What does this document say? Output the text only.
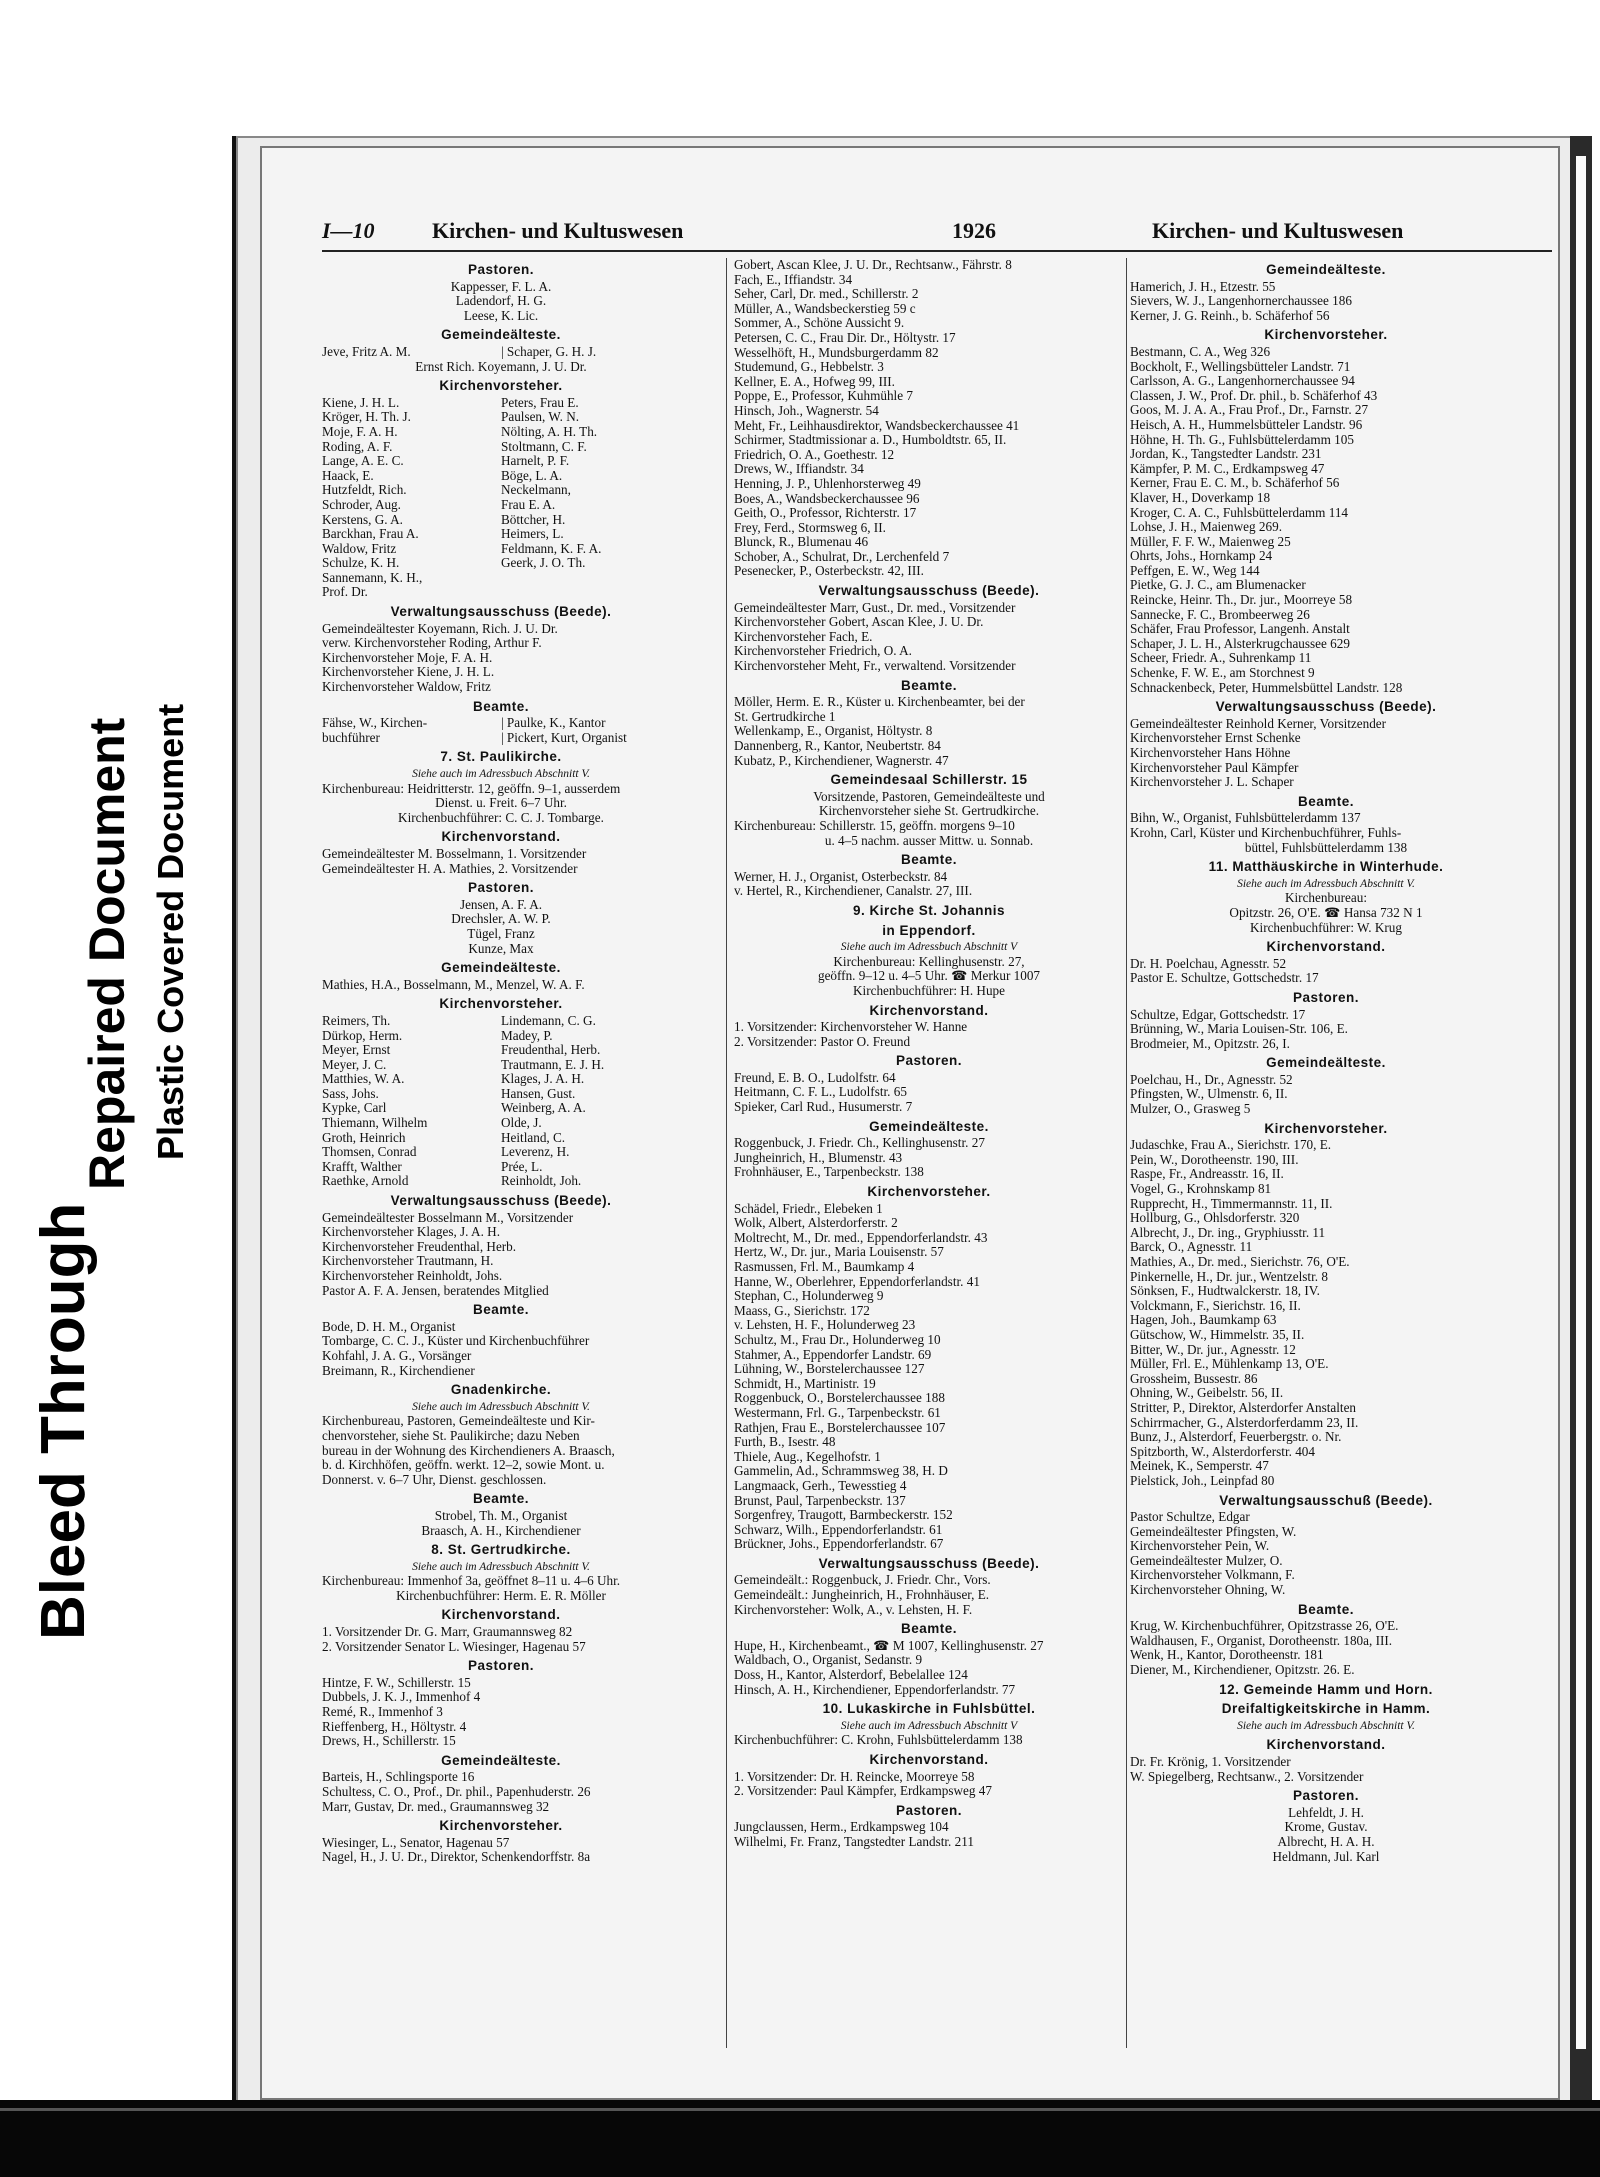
Bleed Through
Repaired Document Plastic Covered Document
I—10	Kirchen- und Kultuswesen	1926	Kirchen- und Kultuswesen
Pastoren.
Kappesser, F. L. A.
Ladendorf, H. G.
Leese, K. Lic.
Gemeindeälteste.
Jeve, Fritz A. M.	| Schaper, G. H. J.
Ernst Rich. Koyemann, J. U. Dr.
Kirchenvorsteher.
Kiene, J. H. L.	Peters, Frau E.
Kröger, H. Th. J.	Paulsen, W. N.
Moje, F. A. H.	Nölting, A. H. Th.
Roding, A. F.	Stoltmann, C. F.
Lange, A. E. C.	Harnelt, P. F.
Haack, E.	Böge, L. A.
Hutzfeldt, Rich.	Neckelmann,
Schroder, Aug.	Frau E. A.
Kerstens, G. A.	Böttcher, H.
Barckhan, Frau A.	Heimers, L.
Waldow, Fritz	Feldmann, K. F. A.
Schulze, K. H.	Geerk, J. O. Th.
Sannemann, K. H.,
Prof. Dr.
Verwaltungsausschuss (Beede).
Gemeindeältester Koyemann, Rich. J. U. Dr.
verw. Kirchenvorsteher Roding, Arthur F.
Kirchenvorsteher Moje, F. A. H.
Kirchenvorsteher Kiene, J. H. L.
Kirchenvorsteher Waldow, Fritz
Beamte.
Fähse, W., Kirchen-	| Paulke, K., Kantor
buchführer	| Pickert, Kurt, Organist
7. St. Paulikirche.
Siehe auch im Adressbuch Abschnitt V.
Kirchenbureau: Heidritterstr. 12, geöffn. 9–1, ausserdem
Dienst. u. Freit. 6–7 Uhr.
Kirchenbuchführer: C. C. J. Tombarge.
Kirchenvorstand.
Gemeindeältester M. Bosselmann, 1. Vorsitzender
Gemeindeältester H. A. Mathies, 2. Vorsitzender
Pastoren.
Jensen, A. F. A.
Drechsler, A. W. P.
Tügel, Franz
Kunze, Max
Gemeindeälteste.
Mathies, H.A., Bosselmann, M., Menzel, W. A. F.
Kirchenvorsteher.
Reimers, Th.	Lindemann, C. G.
Dürkop, Herm.	Madey, P.
Meyer, Ernst	Freudenthal, Herb.
Meyer, J. C.	Trautmann, E. J. H.
Matthies, W. A.	Klages, J. A. H.
Sass, Johs.	Hansen, Gust.
Kypke, Carl	Weinberg, A. A.
Thiemann, Wilhelm	Olde, J.
Groth, Heinrich	Heitland, C.
Thomsen, Conrad	Leverenz, H.
Krafft, Walther	Prée, L.
Raethke, Arnold	Reinholdt, Joh.
Verwaltungsausschuss (Beede).
Gemeindeältester Bosselmann M., Vorsitzender
Kirchenvorsteher Klages, J. A. H.
Kirchenvorsteher Freudenthal, Herb.
Kirchenvorsteher Trautmann, H.
Kirchenvorsteher Reinholdt, Johs.
Pastor A. F. A. Jensen, beratendes Mitglied
Beamte.
Bode, D. H. M., Organist
Tombarge, C. C. J., Küster und Kirchenbuchführer
Kohfahl, J. A. G., Vorsänger
Breimann, R., Kirchendiener
Gnadenkirche.
Siehe auch im Adressbuch Abschnitt V.
Kirchenbureau, Pastoren, Gemeindeälteste und Kir-
chenvorsteher, siehe St. Paulikirche; dazu Neben
bureau in der Wohnung des Kirchendieners A. Braasch,
b. d. Kirchhöfen, geöffn. werkt. 12–2, sowie Mont. u.
Donnerst. v. 6–7 Uhr, Dienst. geschlossen.
Beamte.
Strobel, Th. M., Organist
Braasch, A. H., Kirchendiener
8. St. Gertrudkirche.
Siehe auch im Adressbuch Abschnitt V.
Kirchenbureau: Immenhof 3a, geöffnet 8–11 u. 4–6 Uhr.
Kirchenbuchführer: Herm. E. R. Möller
Kirchenvorstand.
1. Vorsitzender Dr. G. Marr, Graumannsweg 82
2. Vorsitzender Senator L. Wiesinger, Hagenau 57
Pastoren.
Hintze, F. W., Schillerstr. 15
Dubbels, J. K. J., Immenhof 4
Remé, R., Immenhof 3
Rieffenberg, H., Höltystr. 4
Drews, H., Schillerstr. 15
Gemeindeälteste.
Barteis, H., Schlingsporte 16
Schultess, C. O., Prof., Dr. phil., Papenhuderstr. 26
Marr, Gustav, Dr. med., Graumannsweg 32
Kirchenvorsteher.
Wiesinger, L., Senator, Hagenau 57
Nagel, H., J. U. Dr., Direktor, Schenkendorffstr. 8a
Gobert, Ascan Klee, J. U. Dr., Rechtsanw., Fährstr. 8
Fach, E., Iffiandstr. 34
Seher, Carl, Dr. med., Schillerstr. 2
Müller, A., Wandsbeckerstieg 59 c
Sommer, A., Schöne Aussicht 9.
Petersen, C. C., Frau Dir. Dr., Höltystr. 17
Wesselhöft, H., Mundsburgerdamm 82
Studemund, G., Hebbelstr. 3
Kellner, E. A., Hofweg 99, III.
Poppe, E., Professor, Kuhmühle 7
Hinsch, Joh., Wagnerstr. 54
Meht, Fr., Leihhausdirektor, Wandsbeckerchaussee 41
Schirmer, Stadtmissionar a. D., Humboldtstr. 65, II.
Friedrich, O. A., Goethestr. 12
Drews, W., Iffiandstr. 34
Henning, J. P., Uhlenhorsterweg 49
Boes, A., Wandsbeckerchaussee 96
Geith, O., Professor, Richterstr. 17
Frey, Ferd., Stormsweg 6, II.
Blunck, R., Blumenau 46
Schober, A., Schulrat, Dr., Lerchenfeld 7
Pesenecker, P., Osterbeckstr. 42, III.
Verwaltungsausschuss (Beede).
Gemeindeältester Marr, Gust., Dr. med., Vorsitzender
Kirchenvorsteher Gobert, Ascan Klee, J. U. Dr.
Kirchenvorsteher Fach, E.
Kirchenvorsteher Friedrich, O. A.
Kirchenvorsteher Meht, Fr., verwaltend. Vorsitzender
Beamte.
Möller, Herm. E. R., Küster u. Kirchenbeamter, bei der
St. Gertrudkirche 1
Wellenkamp, E., Organist, Höltystr. 8
Dannenberg, R., Kantor, Neubertstr. 84
Kubatz, P., Kirchendiener, Wagnerstr. 47
Gemeindesaal Schillerstr. 15
Vorsitzende, Pastoren, Gemeindeälteste und
Kirchenvorsteher siehe St. Gertrudkirche.
Kirchenbureau: Schillerstr. 15, geöffn. morgens 9–10
u. 4–5 nachm. ausser Mittw. u. Sonnab.
Beamte.
Werner, H. J., Organist, Osterbeckstr. 84
v. Hertel, R., Kirchendiener, Canalstr. 27, III.
9. Kirche St. Johannis
in Eppendorf.
Siehe auch im Adressbuch Abschnitt V
Kirchenbureau: Kellinghusenstr. 27,
geöffn. 9–12 u. 4–5 Uhr. ☎ Merkur 1007
Kirchenbuchführer: H. Hupe
Kirchenvorstand.
1. Vorsitzender: Kirchenvorsteher W. Hanne
2. Vorsitzender: Pastor O. Freund
Pastoren.
Freund, E. B. O., Ludolfstr. 64
Heitmann, C. F. L., Ludolfstr. 65
Spieker, Carl Rud., Husumerstr. 7
Gemeindeälteste.
Roggenbuck, J. Friedr. Ch., Kellinghusenstr. 27
Jungheinrich, H., Blumenstr. 43
Frohnhäuser, E., Tarpenbeckstr. 138
Kirchenvorsteher.
Schädel, Friedr., Elebeken 1
Wolk, Albert, Alsterdorferstr. 2
Moltrecht, M., Dr. med., Eppendorferlandstr. 43
Hertz, W., Dr. jur., Maria Louisenstr. 57
Rasmussen, Frl. M., Baumkamp 4
Hanne, W., Oberlehrer, Eppendorferlandstr. 41
Stephan, C., Holunderweg 9
Maass, G., Sierichstr. 172
v. Lehsten, H. F., Holunderweg 23
Schultz, M., Frau Dr., Holunderweg 10
Stahmer, A., Eppendorfer Landstr. 69
Lühning, W., Borstelerchaussee 127
Schmidt, H., Martinistr. 19
Roggenbuck, O., Borstelerchaussee 188
Westermann, Frl. G., Tarpenbeckstr. 61
Rathjen, Frau E., Borstelerchaussee 107
Furth, B., Isestr. 48
Thiele, Aug., Kegelhofstr. 1
Gammelin, Ad., Schrammsweg 38, H. D
Langmaack, Gerh., Tewesstieg 4
Brunst, Paul, Tarpenbeckstr. 137
Sorgenfrey, Traugott, Barmbeckerstr. 152
Schwarz, Wilh., Eppendorferlandstr. 61
Brückner, Johs., Eppendorferlandstr. 67
Verwaltungsausschuss (Beede).
Gemeindeält.: Roggenbuck, J. Friedr. Chr., Vors.
Gemeindeält.: Jungheinrich, H., Frohnhäuser, E.
Kirchenvorsteher: Wolk, A., v. Lehsten, H. F.
Beamte.
Hupe, H., Kirchenbeamt., ☎ M 1007, Kellinghusenstr. 27
Waldbach, O., Organist, Sedanstr. 9
Doss, H., Kantor, Alsterdorf, Bebelallee 124
Hinsch, A. H., Kirchendiener, Eppendorferlandstr. 77
10. Lukaskirche in Fuhlsbüttel.
Siehe auch im Adressbuch Abschnitt V
Kirchenbuchführer: C. Krohn, Fuhlsbüttelerdamm 138
Kirchenvorstand.
1. Vorsitzender: Dr. H. Reincke, Moorreye 58
2. Vorsitzender: Paul Kämpfer, Erdkampsweg 47
Pastoren.
Jungclaussen, Herm., Erdkampsweg 104
Wilhelmi, Fr. Franz, Tangstedter Landstr. 211
Gemeindeälteste.
Hamerich, J. H., Etzestr. 55
Sievers, W. J., Langenhornerchaussee 186
Kerner, J. G. Reinh., b. Schäferhof 56
Kirchenvorsteher.
Bestmann, C. A., Weg 326
Bockholt, F., Wellingsbütteler Landstr. 71
Carlsson, A. G., Langenhornerchaussee 94
Classen, J. W., Prof. Dr. phil., b. Schäferhof 43
Goos, M. J. A. A., Frau Prof., Dr., Farnstr. 27
Heisch, A. H., Hummelsbütteler Landstr. 96
Höhne, H. Th. G., Fuhlsbüttelerdamm 105
Jordan, K., Tangstedter Landstr. 231
Kämpfer, P. M. C., Erdkampsweg 47
Kerner, Frau E. C. M., b. Schäferhof 56
Klaver, H., Doverkamp 18
Kroger, C. A. C., Fuhlsbüttelerdamm 114
Lohse, J. H., Maienweg 269.
Müller, F. F. W., Maienweg 25
Ohrts, Johs., Hornkamp 24
Peffgen, E. W., Weg 144
Pietke, G. J. C., am Blumenacker
Reincke, Heinr. Th., Dr. jur., Moorreye 58
Sannecke, F. C., Brombeerweg 26
Schäfer, Frau Professor, Langenh. Anstalt
Schaper, J. L. H., Alsterkrugchaussee 629
Scheer, Friedr. A., Suhrenkamp 11
Schenke, F. W. E., am Storchnest 9
Schnackenbeck, Peter, Hummelsbüttel Landstr. 128
Verwaltungsausschuss (Beede).
Gemeindeältester Reinhold Kerner, Vorsitzender
Kirchenvorsteher Ernst Schenke
Kirchenvorsteher Hans Höhne
Kirchenvorsteher Paul Kämpfer
Kirchenvorsteher J. L. Schaper
Beamte.
Bihn, W., Organist, Fuhlsbüttelerdamm 137
Krohn, Carl, Küster und Kirchenbuchführer, Fuhls-
büttel, Fuhlsbüttelerdamm 138
11. Matthäuskirche in Winterhude.
Siehe auch im Adressbuch Abschnitt V.
Kirchenbureau:
Opitzstr. 26, O'E. ☎ Hansa 732 N 1
Kirchenbuchführer: W. Krug
Kirchenvorstand.
Dr. H. Poelchau, Agnesstr. 52
Pastor E. Schultze, Gottschedstr. 17
Pastoren.
Schultze, Edgar, Gottschedstr. 17
Brünning, W., Maria Louisen-Str. 106, E.
Brodmeier, M., Opitzstr. 26, I.
Gemeindeälteste.
Poelchau, H., Dr., Agnesstr. 52
Pfingsten, W., Ulmenstr. 6, II.
Mulzer, O., Grasweg 5
Kirchenvorsteher.
Judaschke, Frau A., Sierichstr. 170, E.
Pein, W., Dorotheenstr. 190, III.
Raspe, Fr., Andreasstr. 16, II.
Vogel, G., Krohnskamp 81
Rupprecht, H., Timmermannstr. 11, II.
Hollburg, G., Ohlsdorferstr. 320
Albrecht, J., Dr. ing., Gryphiusstr. 11
Barck, O., Agnesstr. 11
Mathies, A., Dr. med., Sierichstr. 76, O'E.
Pinkernelle, H., Dr. jur., Wentzelstr. 8
Sönksen, F., Hudtwalckerstr. 18, IV.
Volckmann, F., Sierichstr. 16, II.
Hagen, Joh., Baumkamp 63
Gütschow, W., Himmelstr. 35, II.
Bitter, W., Dr. jur., Agnesstr. 12
Müller, Frl. E., Mühlenkamp 13, O'E.
Grossheim, Bussestr. 86
Ohning, W., Geibelstr. 56, II.
Stritter, P., Direktor, Alsterdorfer Anstalten
Schirrmacher, G., Alsterdorferdamm 23, II.
Bunz, J., Alsterdorf, Feuerbergstr. o. Nr.
Spitzborth, W., Alsterdorferstr. 404
Meinek, K., Semperstr. 47
Pielstick, Joh., Leinpfad 80
Verwaltungsausschuß (Beede).
Pastor Schultze, Edgar
Gemeindeältester Pfingsten, W.
Kirchenvorsteher Pein, W.
Gemeindeältester Mulzer, O.
Kirchenvorsteher Volkmann, F.
Kirchenvorsteher Ohning, W.
Beamte.
Krug, W. Kirchenbuchführer, Opitzstrasse 26, O'E.
Waldhausen, F., Organist, Dorotheenstr. 180a, III.
Wenk, H., Kantor, Dorotheenstr. 181
Diener, M., Kirchendiener, Opitzstr. 26. E.
12. Gemeinde Hamm und Horn.
Dreifaltigkeitskirche in Hamm.
Siehe auch im Adressbuch Abschnitt V.
Kirchenvorstand.
Dr. Fr. Krönig, 1. Vorsitzender
W. Spiegelberg, Rechtsanw., 2. Vorsitzender
Pastoren.
Lehfeldt, J. H.
Krome, Gustav.
Albrecht, H. A. H.
Heldmann, Jul. Karl
